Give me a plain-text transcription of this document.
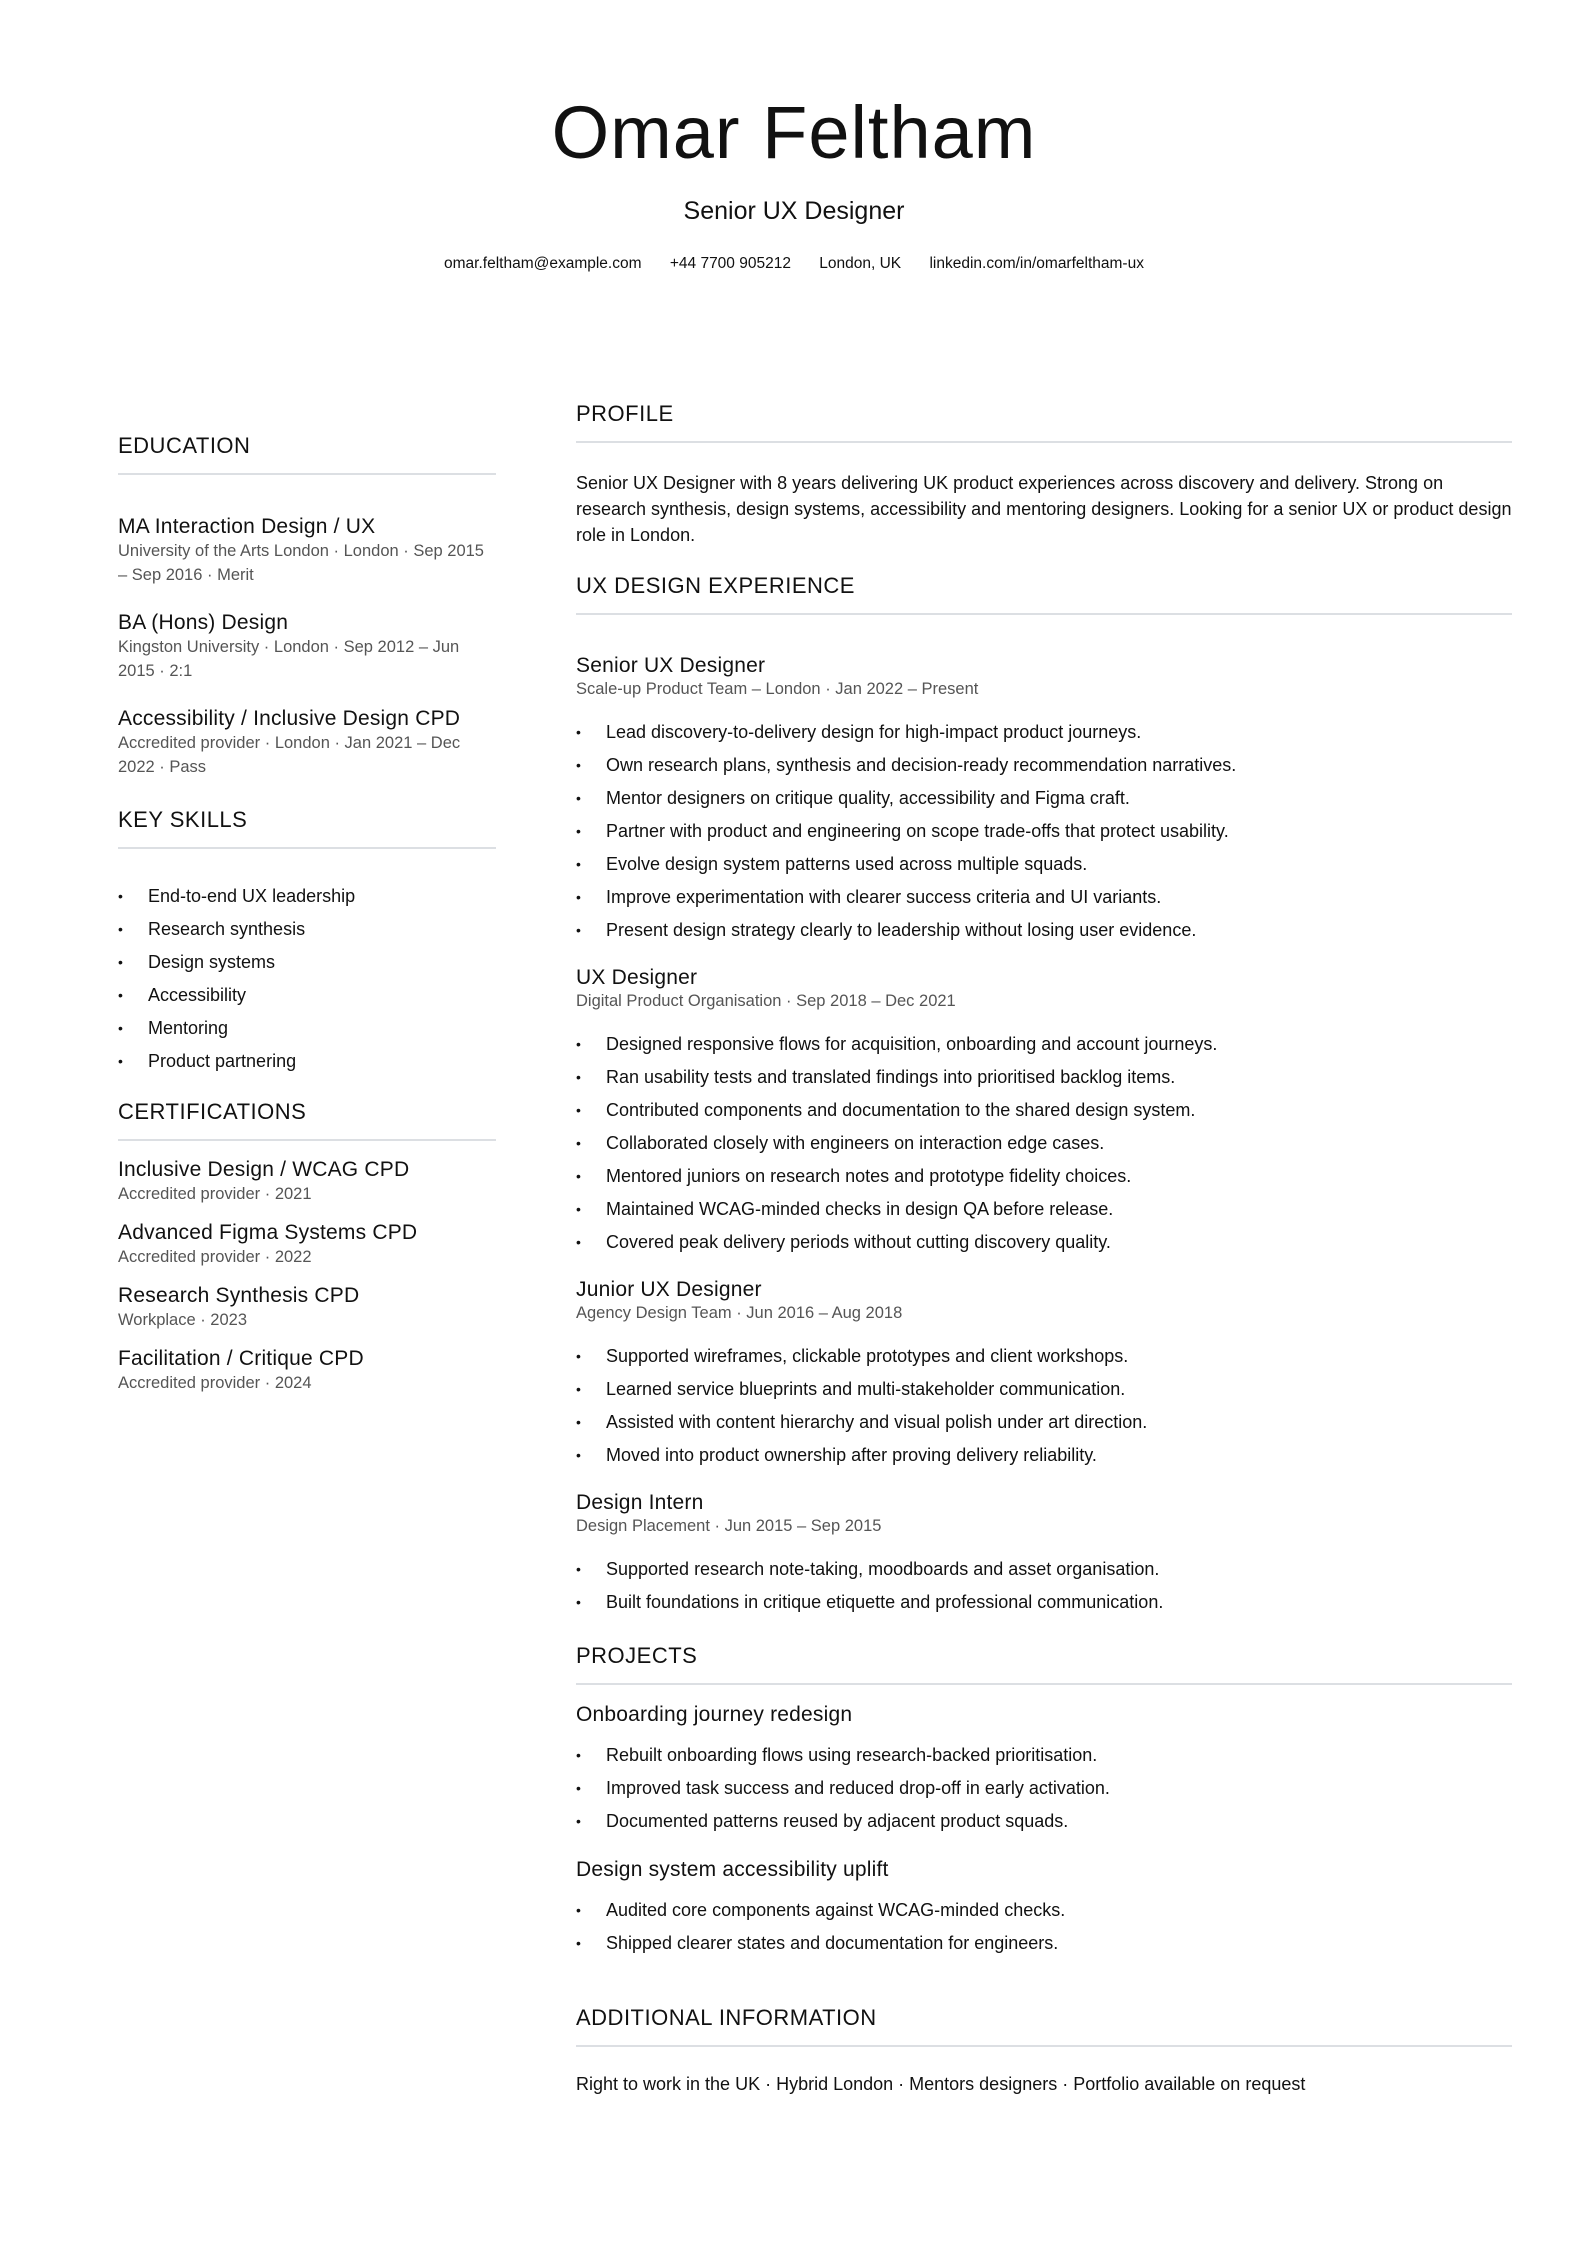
Omar Feltham
Senior UX Designer
omar.feltham@example.com +44 7700 905212 London, UK linkedin.com/in/omarfeltham-ux
EDUCATION
MA Interaction Design / UX
University of the Arts London · London · Sep 2015 – Sep 2016 · Merit
BA (Hons) Design
Kingston University · London · Sep 2012 – Jun 2015 · 2:1
Accessibility / Inclusive Design CPD
Accredited provider · London · Jan 2021 – Dec 2022 · Pass
KEY SKILLS
• End-to-end UX leadership
• Research synthesis
• Design systems
• Accessibility
• Mentoring
• Product partnering
CERTIFICATIONS
Inclusive Design / WCAG CPD
Accredited provider · 2021
Advanced Figma Systems CPD
Accredited provider · 2022
Research Synthesis CPD
Workplace · 2023
Facilitation / Critique CPD
Accredited provider · 2024
PROFILE
Senior UX Designer with 8 years delivering UK product experiences across discovery and delivery. Strong on research synthesis, design systems, accessibility and mentoring designers. Looking for a senior UX or product design role in London.
UX DESIGN EXPERIENCE
Senior UX Designer
Scale-up Product Team – London · Jan 2022 – Present
• Lead discovery-to-delivery design for high-impact product journeys.
• Own research plans, synthesis and decision-ready recommendation narratives.
• Mentor designers on critique quality, accessibility and Figma craft.
• Partner with product and engineering on scope trade-offs that protect usability.
• Evolve design system patterns used across multiple squads.
• Improve experimentation with clearer success criteria and UI variants.
• Present design strategy clearly to leadership without losing user evidence.
UX Designer
Digital Product Organisation · Sep 2018 – Dec 2021
• Designed responsive flows for acquisition, onboarding and account journeys.
• Ran usability tests and translated findings into prioritised backlog items.
• Contributed components and documentation to the shared design system.
• Collaborated closely with engineers on interaction edge cases.
• Mentored juniors on research notes and prototype fidelity choices.
• Maintained WCAG-minded checks in design QA before release.
• Covered peak delivery periods without cutting discovery quality.
Junior UX Designer
Agency Design Team · Jun 2016 – Aug 2018
• Supported wireframes, clickable prototypes and client workshops.
• Learned service blueprints and multi-stakeholder communication.
• Assisted with content hierarchy and visual polish under art direction.
• Moved into product ownership after proving delivery reliability.
Design Intern
Design Placement · Jun 2015 – Sep 2015
• Supported research note-taking, moodboards and asset organisation.
• Built foundations in critique etiquette and professional communication.
PROJECTS
Onboarding journey redesign
• Rebuilt onboarding flows using research-backed prioritisation.
• Improved task success and reduced drop-off in early activation.
• Documented patterns reused by adjacent product squads.
Design system accessibility uplift
• Audited core components against WCAG-minded checks.
• Shipped clearer states and documentation for engineers.
ADDITIONAL INFORMATION
Right to work in the UK · Hybrid London · Mentors designers · Portfolio available on request
